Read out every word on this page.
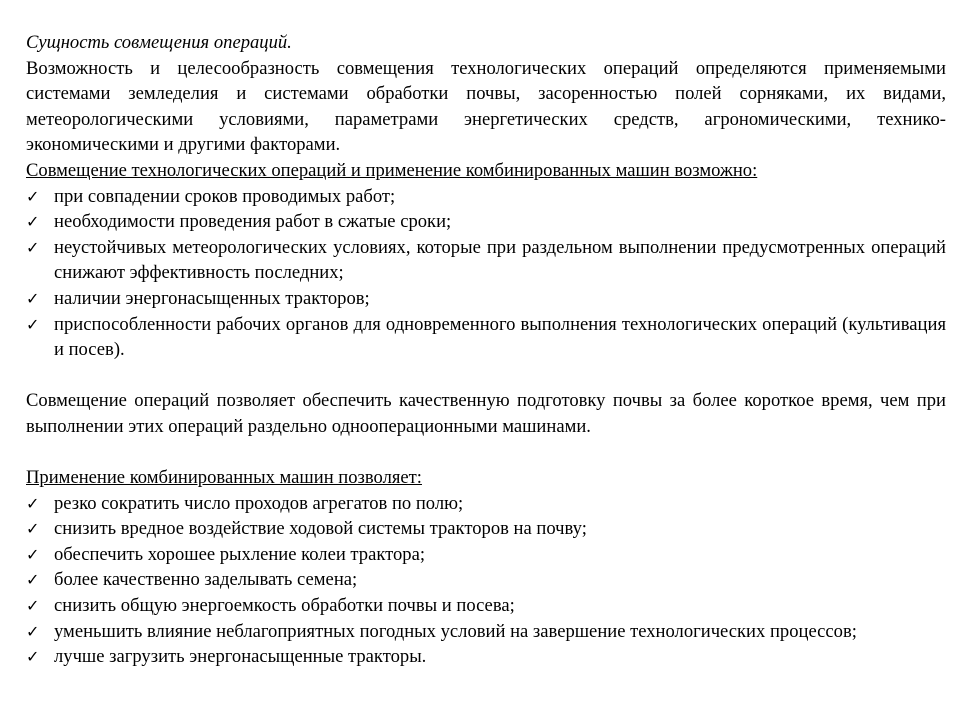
Сущность совмещения операций.
Возможность и целесообразность совмещения технологических операций определяются применяемыми системами земледелия и системами обработки почвы, засоренностью полей сорняками, их видами, метеорологическими условиями, параметрами энергетических средств, агрономическими, технико-экономическими и другими факторами.
Совмещение технологических операций и применение комбинированных машин возможно:
✓ при совпадении сроков проводимых работ;
✓ необходимости проведения работ в сжатые сроки;
✓ неустойчивых метеорологических условиях, которые при раздельном выполнении предусмотренных операций снижают эффективность последних;
✓ наличии энергонасыщенных тракторов;
✓ приспособленности рабочих органов для одновременного выполнения технологических операций (культивация и посев).
Совмещение операций позволяет обеспечить качественную подготовку почвы за более короткое время, чем при выполнении этих операций раздельно однооперационными машинами.
Применение комбинированных машин позволяет:
✓ резко сократить число проходов агрегатов по полю;
✓ снизить вредное воздействие ходовой системы тракторов на почву;
✓ обеспечить хорошее рыхление колеи трактора;
✓ более качественно заделывать семена;
✓ снизить общую энергоемкость обработки почвы и посева;
✓ уменьшить влияние неблагоприятных погодных условий на завершение технологических процессов;
✓ лучше загрузить энергонасыщенные тракторы.
